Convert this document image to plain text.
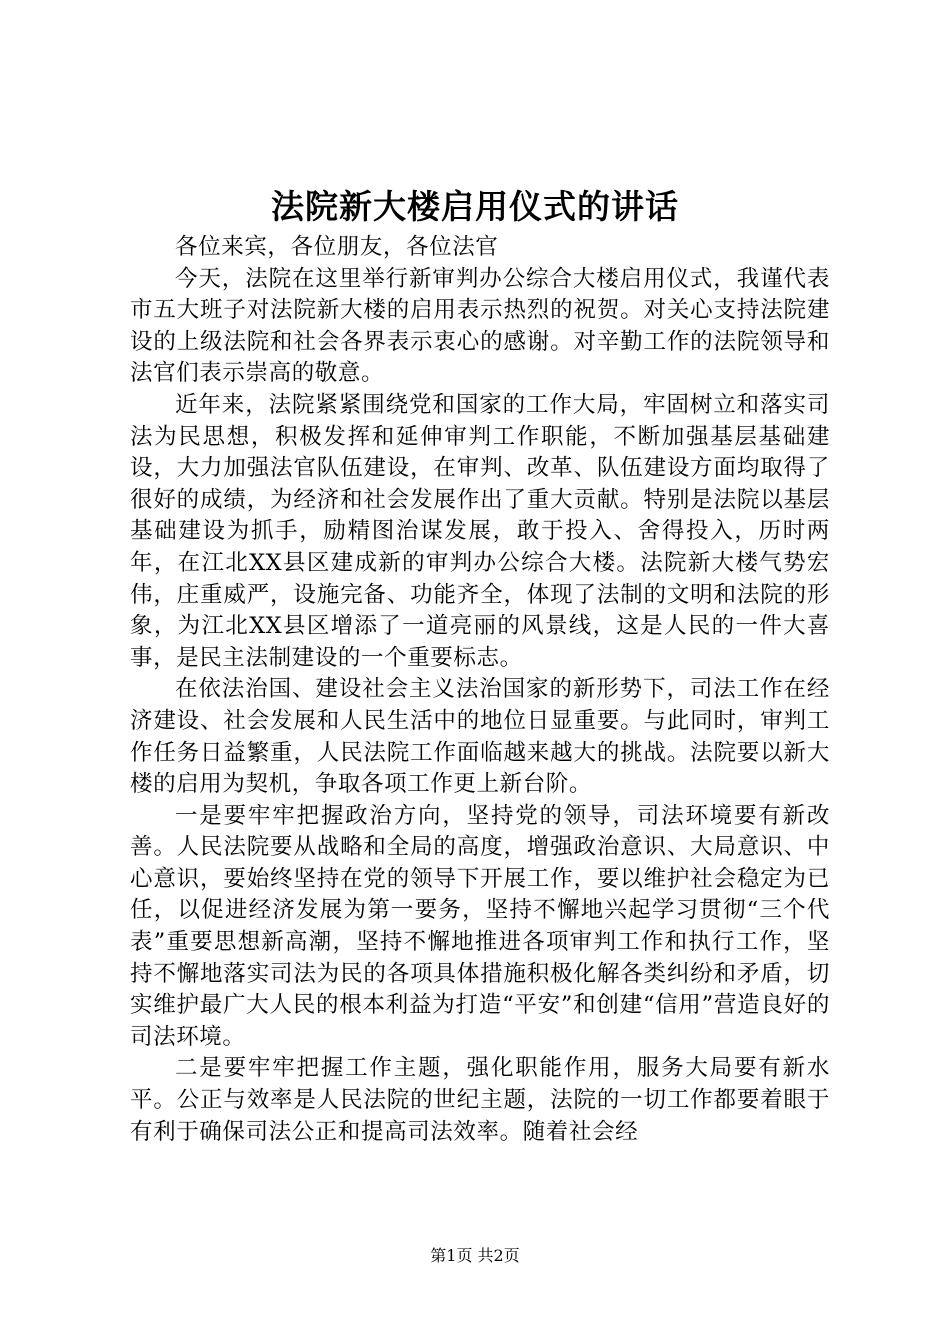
法院新大楼启用仪式的讲话

各位来宾，各位朋友，各位法官

今天，法院在这里举行新审判办公综合大楼启用仪式，我谨代表市五大班子对法院新大楼的启用表示热烈的祝贺。对关心支持法院建设的上级法院和社会各界表示衷心的感谢。对辛勤工作的法院领导和法官们表示崇高的敬意。

近年来，法院紧紧围绕党和国家的工作大局，牢固树立和落实司法为民思想，积极发挥和延伸审判工作职能，不断加强基层基础建设，大力加强法官队伍建设，在审判、改革、队伍建设方面均取得了很好的成绩，为经济和社会发展作出了重大贡献。特别是法院以基层基础建设为抓手，励精图治谋发展，敢于投入、舍得投入，历时两年，在江北XX县区建成新的审判办公综合大楼。法院新大楼气势宏伟，庄重威严，设施完备、功能齐全，体现了法制的文明和法院的形象，为江北XX县区增添了一道亮丽的风景线，这是人民的一件大喜事，是民主法制建设的一个重要标志。

在依法治国、建设社会主义法治国家的新形势下，司法工作在经济建设、社会发展和人民生活中的地位日显重要。与此同时，审判工作任务日益繁重，人民法院工作面临越来越大的挑战。法院要以新大楼的启用为契机，争取各项工作更上新台阶。

一是要牢牢把握政治方向，坚持党的领导，司法环境要有新改善。人民法院要从战略和全局的高度，增强政治意识、大局意识、中心意识，要始终坚持在党的领导下开展工作，要以维护社会稳定为已任，以促进经济发展为第一要务，坚持不懈地兴起学习贯彻“三个代表”重要思想新高潮，坚持不懈地推进各项审判工作和执行工作，坚持不懈地落实司法为民的各项具体措施积极化解各类纠纷和矛盾，切实维护最广大人民的根本利益为打造“平安”和创建“信用”营造良好的司法环境。

二是要牢牢把握工作主题，强化职能作用，服务大局要有新水平。公正与效率是人民法院的世纪主题，法院的一切工作都要着眼于有利于确保司法公正和提高司法效率。随着社会经

第1页 共2页
